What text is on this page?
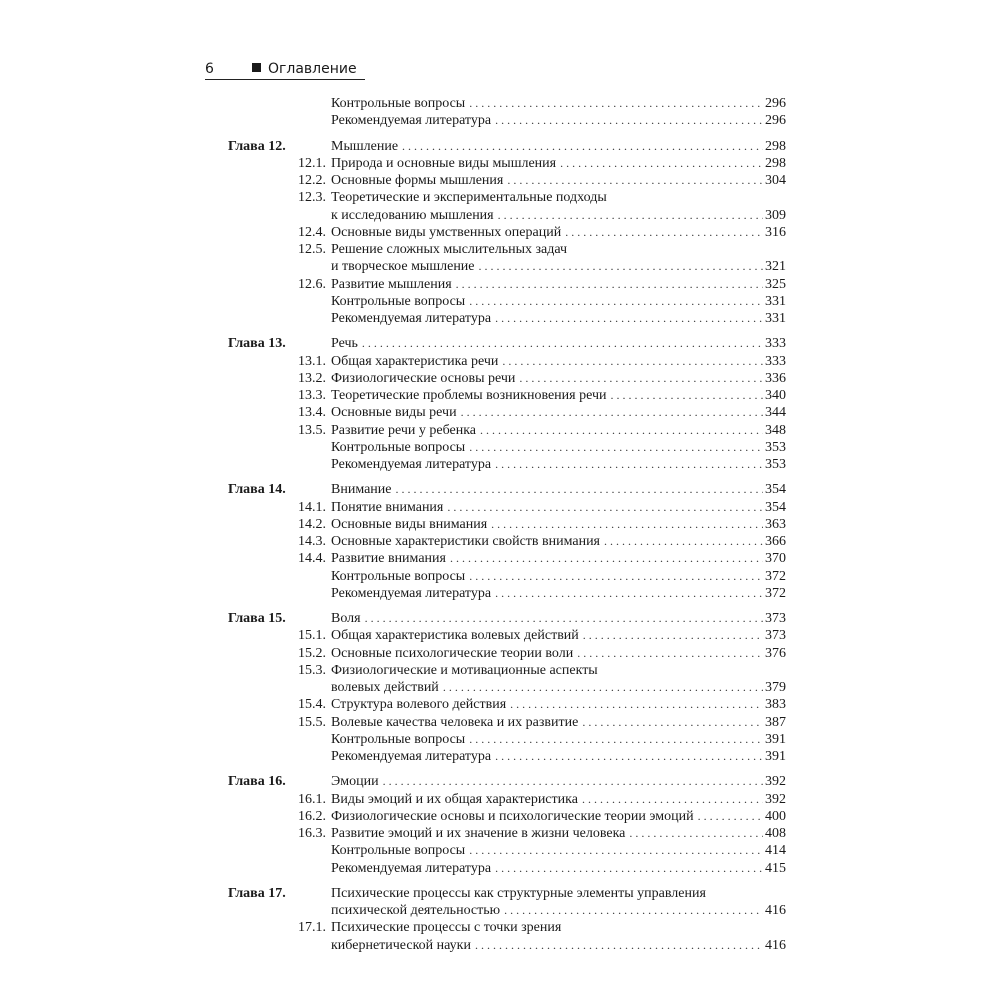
6	Оглавление
Контрольные вопросы . . .	296
Рекомендуемая литература . . .	296
Глава 12.	Мышление . . .	298
12.1. Природа и основные виды мышления . . .	298
12.2. Основные формы мышления . . .	304
12.3. Теоретические и экспериментальные подходы
к исследованию мышления . . .	309
12.4. Основные виды умственных операций . . .	316
12.5. Решение сложных мыслительных задач
и творческое мышление . . .	321
12.6. Развитие мышления . . .	325
Контрольные вопросы . . .	331
Рекомендуемая литература . . .	331
Глава 13.	Речь . . .	333
13.1. Общая характеристика речи . . .	333
13.2. Физиологические основы речи . . .	336
13.3. Теоретические проблемы возникновения речи . . .	340
13.4. Основные виды речи . . .	344
13.5. Развитие речи у ребенка . . .	348
Контрольные вопросы . . .	353
Рекомендуемая литература . . .	353
Глава 14.	Внимание . . .	354
14.1. Понятие внимания . . .	354
14.2. Основные виды внимания . . .	363
14.3. Основные характеристики свойств внимания . . .	366
14.4. Развитие внимания . . .	370
Контрольные вопросы . . .	372
Рекомендуемая литература . . .	372
Глава 15.	Воля . . .	373
15.1. Общая характеристика волевых действий . . .	373
15.2. Основные психологические теории воли . . .	376
15.3. Физиологические и мотивационные аспекты
волевых действий . . .	379
15.4. Структура волевого действия . . .	383
15.5. Волевые качества человека и их развитие . . .	387
Контрольные вопросы . . .	391
Рекомендуемая литература . . .	391
Глава 16.	Эмоции . . .	392
16.1. Виды эмоций и их общая характеристика . . .	392
16.2. Физиологические основы и психологические теории эмоций . . .	400
16.3. Развитие эмоций и их значение в жизни человека . . .	408
Контрольные вопросы . . .	414
Рекомендуемая литература . . .	415
Глава 17.	Психические процессы как структурные элементы управления
психической деятельностью . . .	416
17.1. Психические процессы с точки зрения
кибернетической науки . . .	416
